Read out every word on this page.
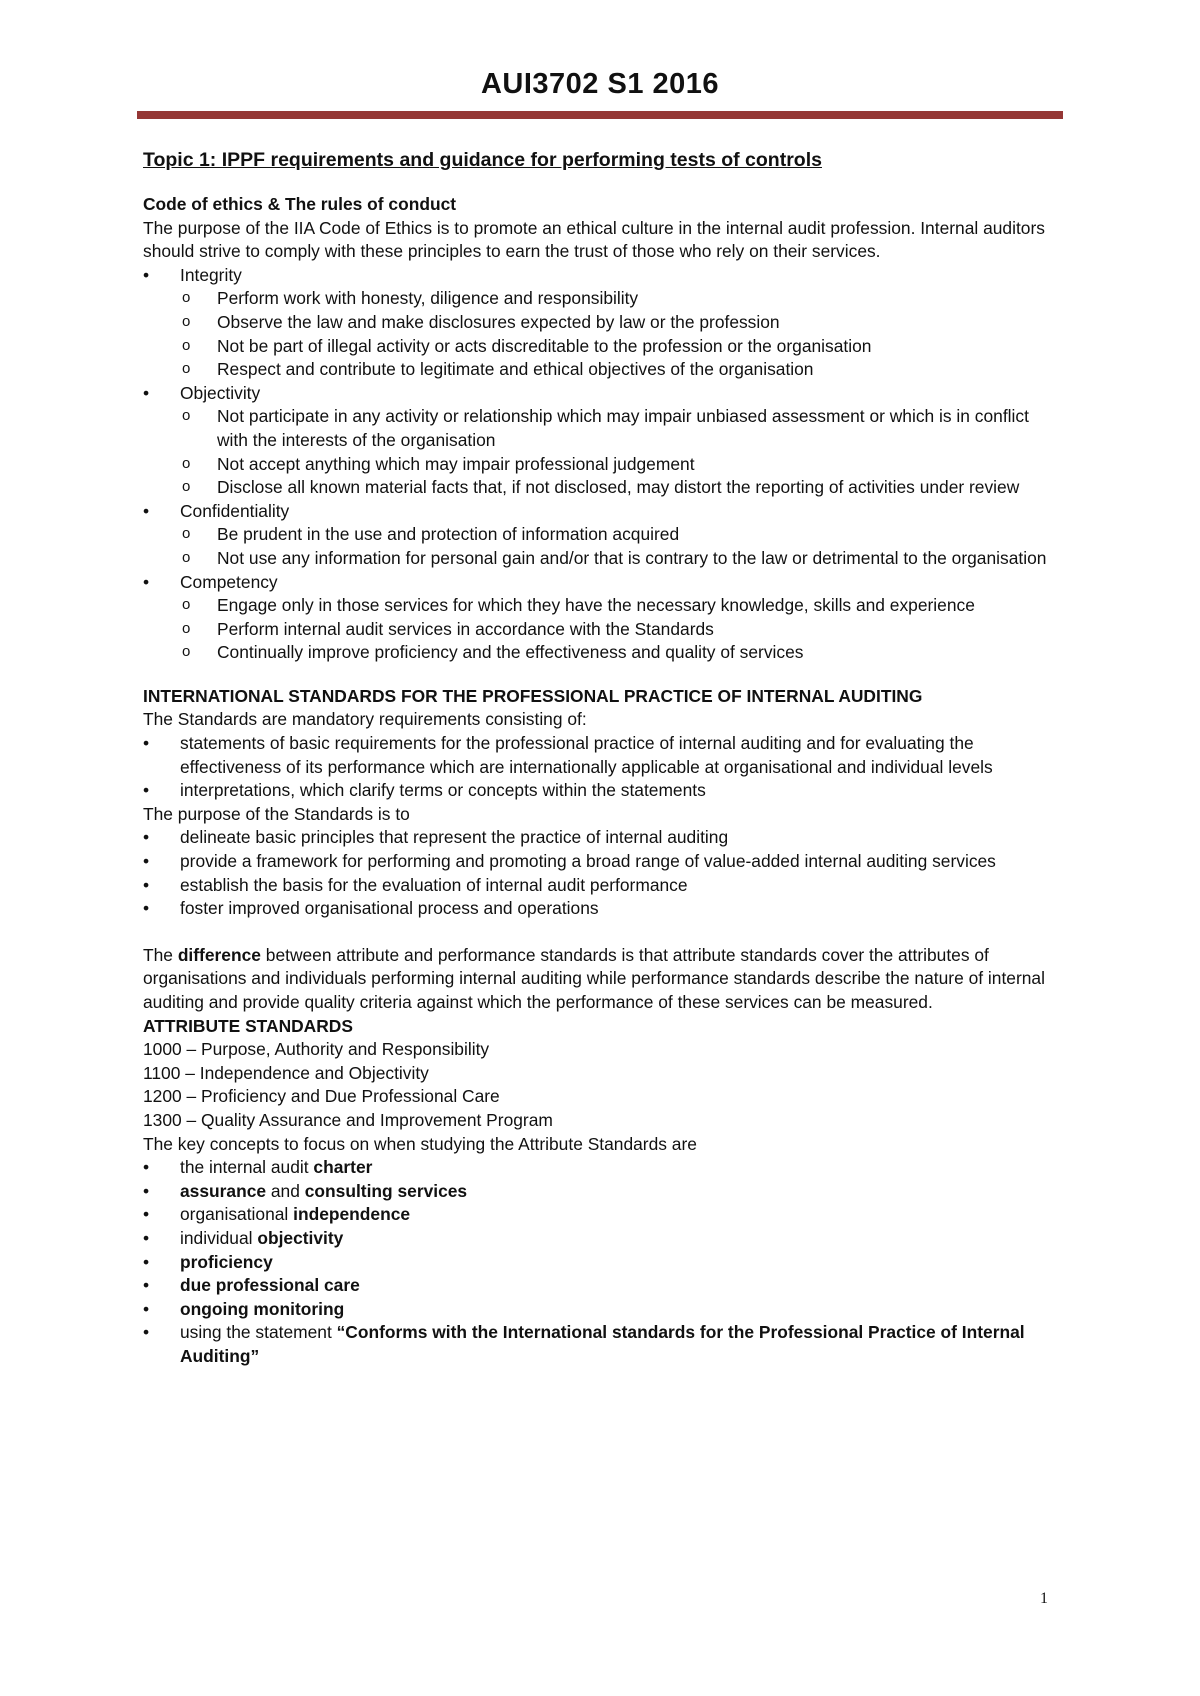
AUI3702 S1 2016

Topic 1: IPPF requirements and guidance for performing tests of controls

Code of ethics & The rules of conduct

The purpose of the IIA Code of Ethics is to promote an ethical culture in the internal audit profession. Internal auditors should strive to comply with these principles to earn the trust of those who rely on their services.

• Integrity
o Perform work with honesty, diligence and responsibility
o Observe the law and make disclosures expected by law or the profession
o Not be part of illegal activity or acts discreditable to the profession or the organisation
o Respect and contribute to legitimate and ethical objectives of the organisation
• Objectivity
o Not participate in any activity or relationship which may impair unbiased assessment or which is in conflict with the interests of the organisation
o Not accept anything which may impair professional judgement
o Disclose all known material facts that, if not disclosed, may distort the reporting of activities under review
• Confidentiality
o Be prudent in the use and protection of information acquired
o Not use any information for personal gain and/or that is contrary to the law or detrimental to the organisation
• Competency
o Engage only in those services for which they have the necessary knowledge, skills and experience
o Perform internal audit services in accordance with the Standards
o Continually improve proficiency and the effectiveness and quality of services

INTERNATIONAL STANDARDS FOR THE PROFESSIONAL PRACTICE OF INTERNAL AUDITING

The Standards are mandatory requirements consisting of:

• statements of basic requirements for the professional practice of internal auditing and for evaluating the effectiveness of its performance which are internationally applicable at organisational and individual levels
• interpretations, which clarify terms or concepts within the statements

The purpose of the Standards is to

• delineate basic principles that represent the practice of internal auditing
• provide a framework for performing and promoting a broad range of value-added internal auditing services
• establish the basis for the evaluation of internal audit performance
• foster improved organisational process and operations

The difference between attribute and performance standards is that attribute standards cover the attributes of organisations and individuals performing internal auditing while performance standards describe the nature of internal auditing and provide quality criteria against which the performance of these services can be measured.

ATTRIBUTE STANDARDS

1000 – Purpose, Authority and Responsibility

1100 – Independence and Objectivity

1200 – Proficiency and Due Professional Care

1300 – Quality Assurance and Improvement Program

The key concepts to focus on when studying the Attribute Standards are

• the internal audit charter
• assurance and consulting services
• organisational independence
• individual objectivity
• proficiency
• due professional care
• ongoing monitoring
• using the statement “Conforms with the International standards for the Professional Practice of Internal Auditing”
1
